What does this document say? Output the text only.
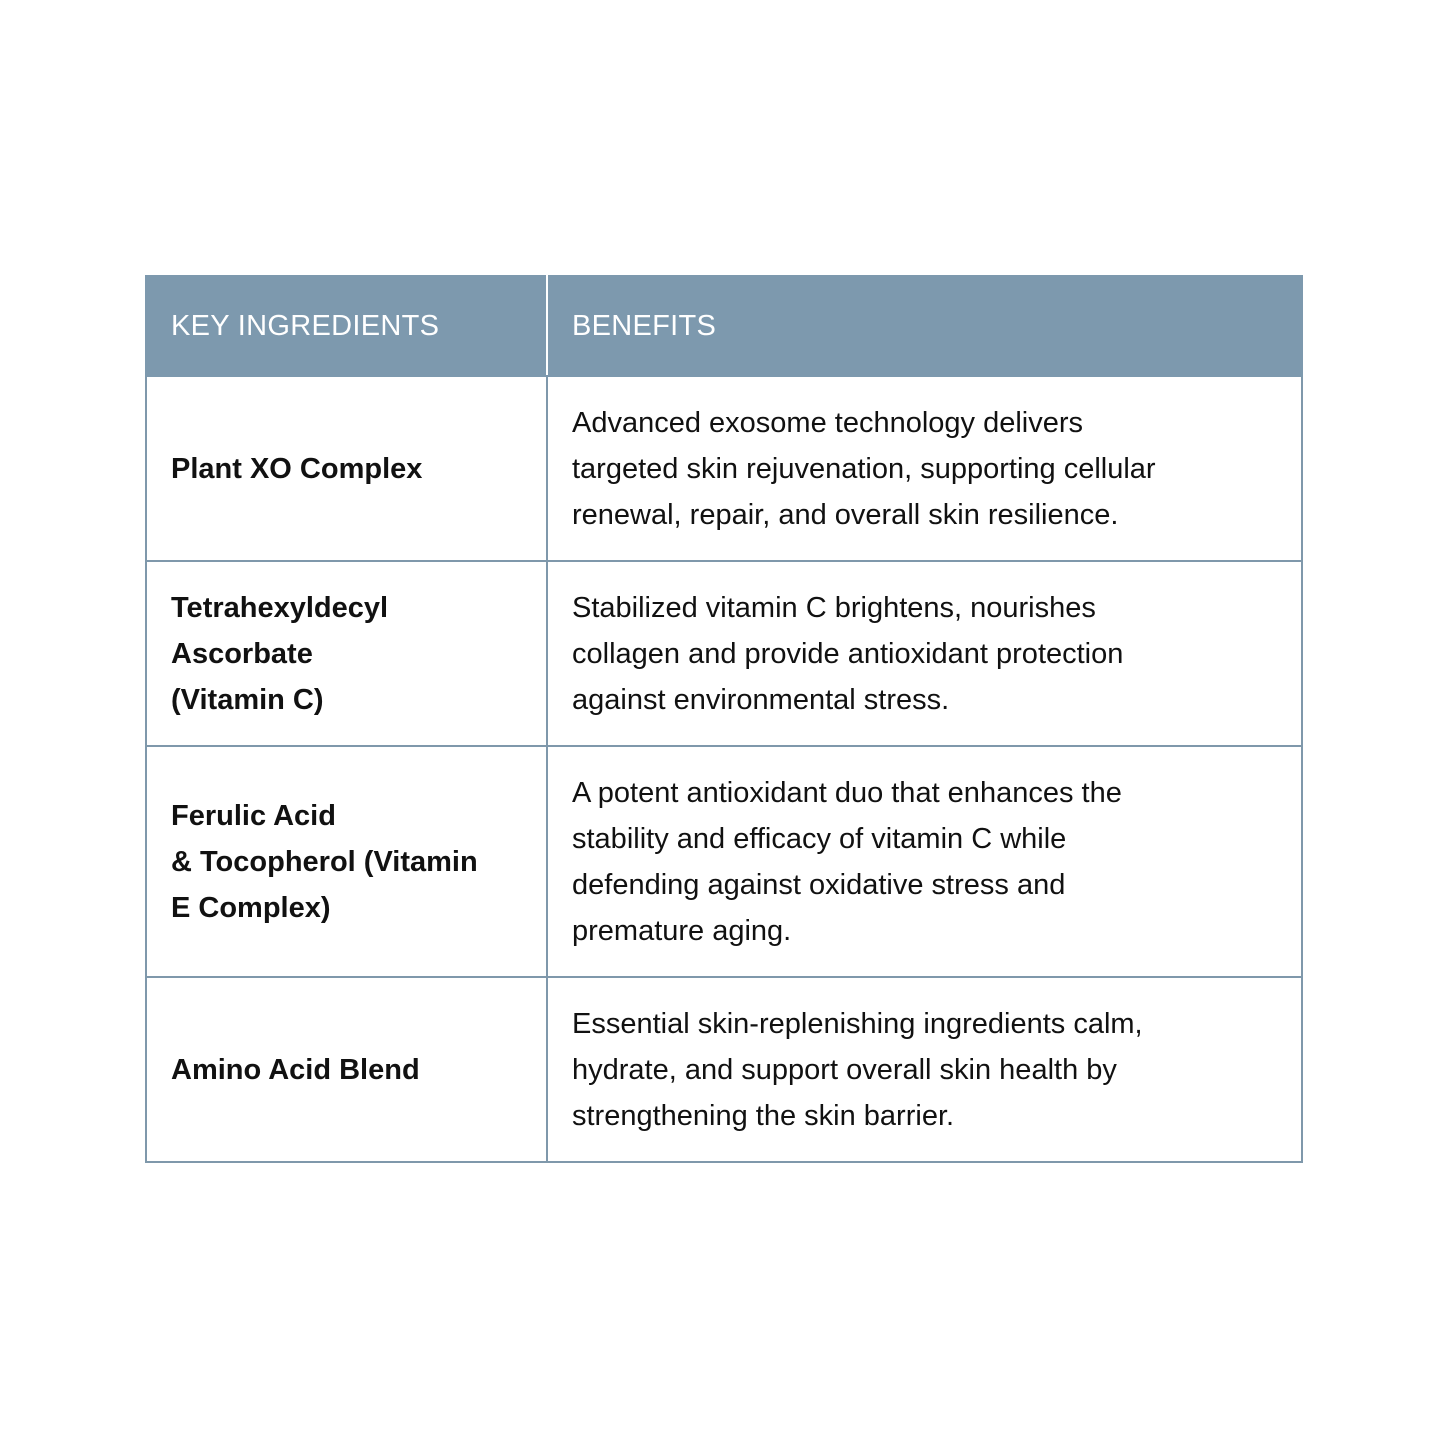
KEY INGREDIENTS	BENEFITS

Plant XO Complex	Advanced exosome technology delivers
targeted skin rejuvenation, supporting cellular
renewal, repair, and overall skin resilience.

Tetrahexyldecyl
Ascorbate
(Vitamin C)	Stabilized vitamin C brightens, nourishes
collagen and provide antioxidant protection
against environmental stress.

Ferulic Acid
& Tocopherol (Vitamin
E Complex)	A potent antioxidant duo that enhances the
stability and efficacy of vitamin C while
defending against oxidative stress and
premature aging.

Amino Acid Blend	Essential skin-replenishing ingredients calm,
hydrate, and support overall skin health by
strengthening the skin barrier.
